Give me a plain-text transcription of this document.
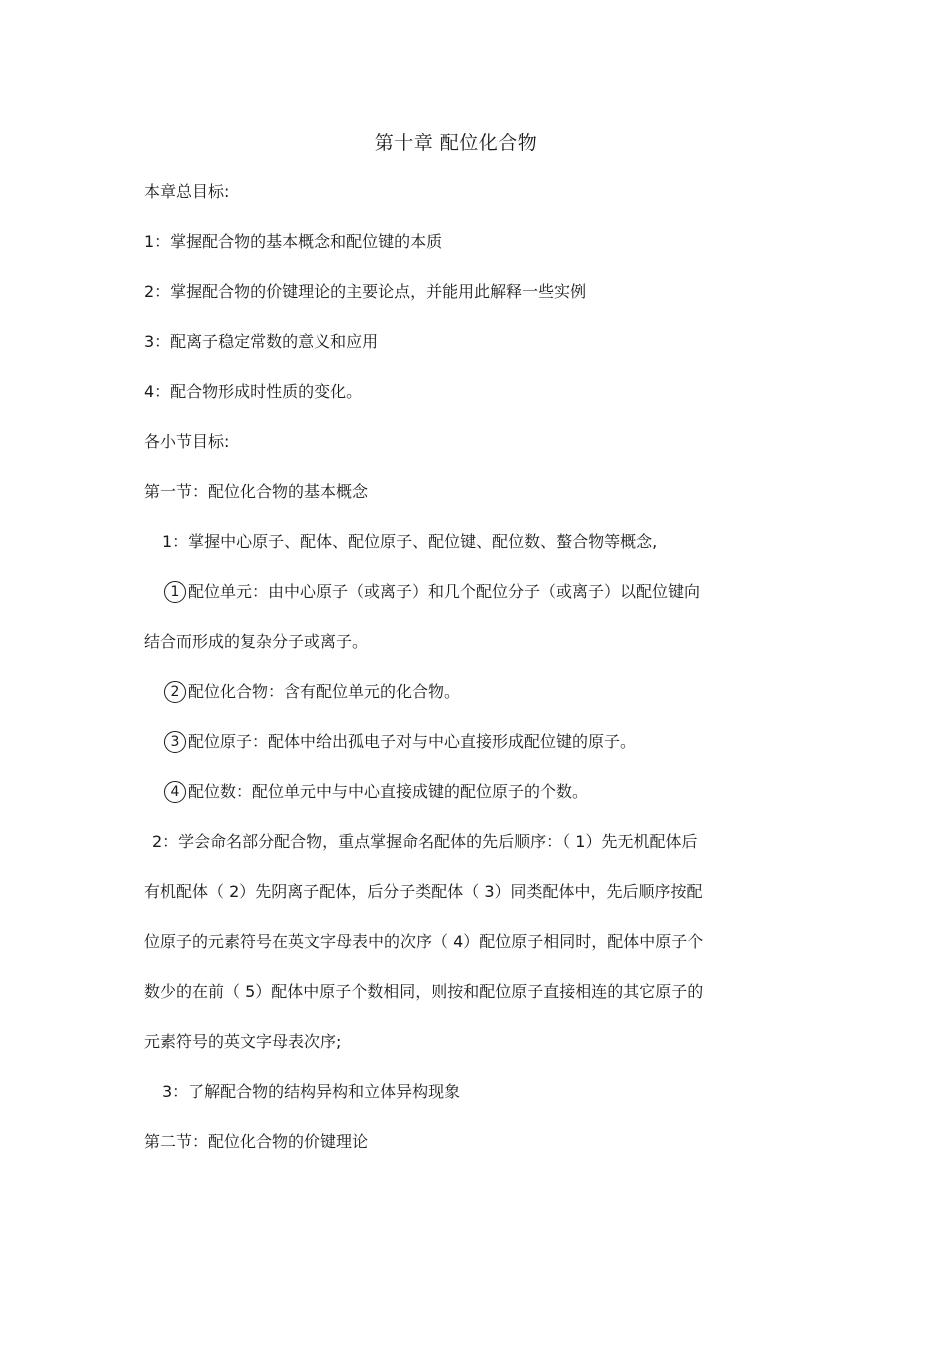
第十章 配位化合物
本章总目标:
1：掌握配合物的基本概念和配位键的本质
2：掌握配合物的价键理论的主要论点，并能用此解释一些实例
3：配离子稳定常数的意义和应用
4：配合物形成时性质的变化。
各小节目标:
第一节：配位化合物的基本概念
1：掌握中心原子、配体、配位原子、配位键、配位数、螯合物等概念,
1 配位单元：由中心原子（或离子）和几个配位分子（或离子）以配位键向
结合而形成的复杂分子或离子。
2 配位化合物：含有配位单元的化合物。
3 配位原子：配体中给出孤电子对与中心直接形成配位键的原子。
4 配位数：配位单元中与中心直接成键的配位原子的个数。
2：学会命名部分配合物，重点掌握命名配体的先后顺序：（ 1）先无机配体后
有机配体（ 2）先阴离子配体，后分子类配体（ 3）同类配体中，先后顺序按配
位原子的元素符号在英文字母表中的次序（ 4）配位原子相同时，配体中原子个
数少的在前（ 5）配体中原子个数相同，则按和配位原子直接相连的其它原子的
元素符号的英文字母表次序;
3：了解配合物的结构异构和立体异构现象
第二节：配位化合物的价键理论
